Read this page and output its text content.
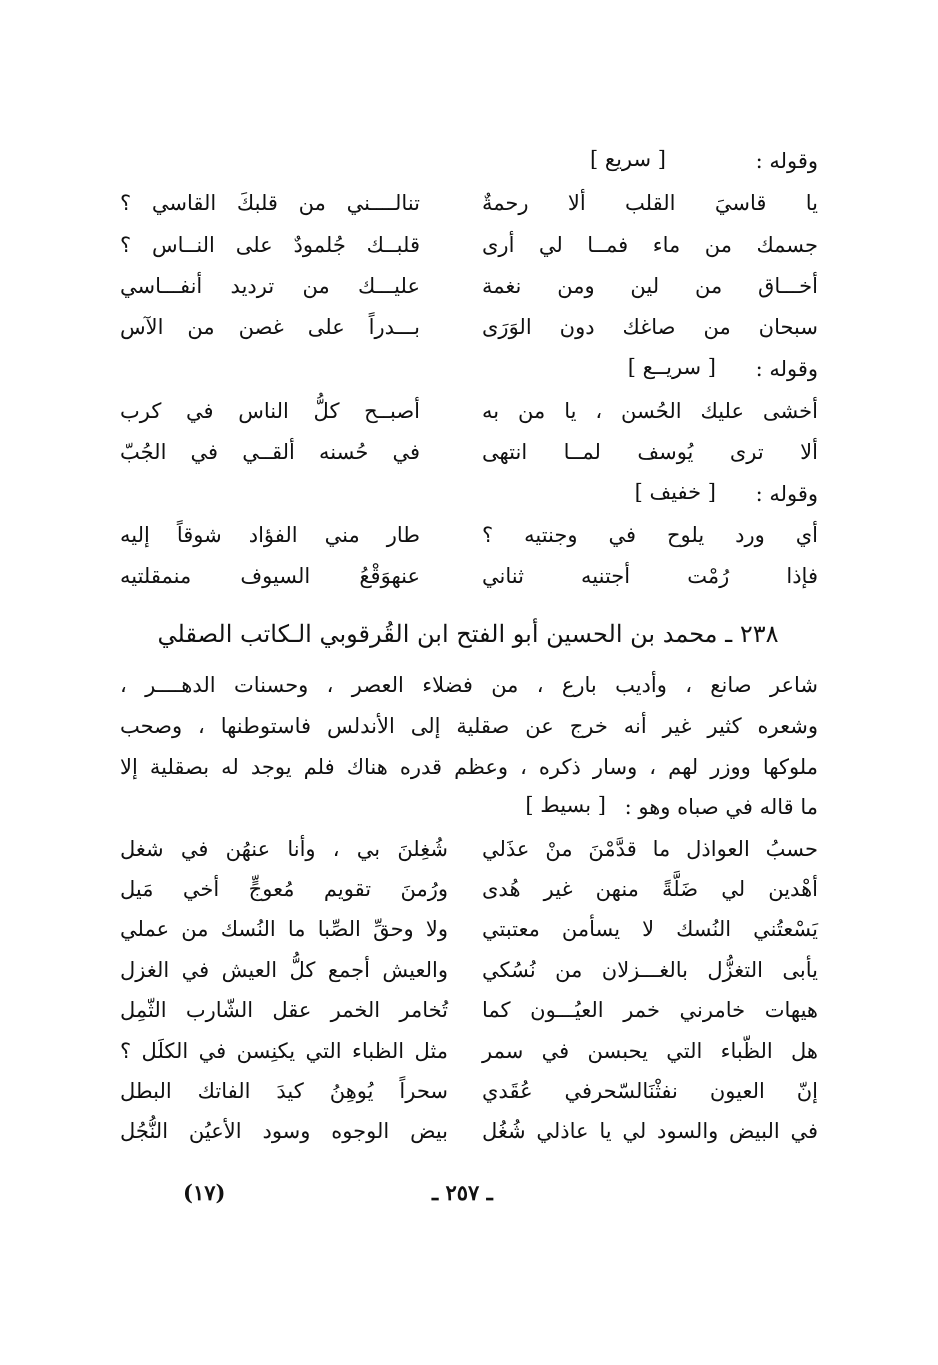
وقوله :
[ سريع ]
يا قاسيَ القلب ألا رحمةٌ
تنالــــني من قلبكَ القاسي ؟
جسمك من ماء فمــا لي أرى
قلبــك جُلمودٌ على النــاس ؟
أخـــاق من لين ومن نغمة
عليـــك من ترديد أنفـــاسي
سبحان من صاغك دون الوَرَى
بـــدراً على غصن من الآس
وقوله :
[ سريــع ]
أخشى عليك الحُسن ، يا من به
أصبــح كلُّ الناس في كرب
ألا ترى يُوسف لمــا انتهى
في حُسنه ألقــي في الجُبّ
وقوله :
[ خفيف ]
أي ورد يلوح في وجنتيه ؟
طار مني الفؤاد شوقاً إليه
فإذا رُمْت أجتنيه ثناني
عنهوَقْعُ السيوف منمقلتيه
٢٣٨ ـ محمد بن الحسين أبو الفتح ابن القُرقوبي الـكاتب الصقلي
شاعر صانع ، وأديب بارع ، من فضلاء العصر ، وحسنات الدهــــر ،
وشعره كثير غير أنه خرج عن صقلية إلى الأندلس فاستوطنها ، وصحب
ملوكها ووزر لهم ، وسار ذكره ، وعظم قدره هناك فلم يوجد له بصقلية إلا
ما قاله في صباه وهو :
[ بسيط ]
حسبُ العواذل ما قدَّمْنَ منْ عذَلي
شُغِلنَ بي ، وأنا عنهُن في شغل
أهْدين لي ضَلَّةً منهن غير هُدى
ورُمنَ تقويم مُعوجٍّ أخي مَيل
يَسْعتُني النُسك لا يسأمن معتبتي
ولا وحقِّ الصِّبا ما النُسك من عملي
يأبى التغزُّل بالغـــزلان من نُسُكي
والعيش أجمع كلُّ العيش في الغزل
هيهات خامرني خمر العيُـــون كما
تُخامر الخمر عقل الشّارب الثّمِل
هل الظّباء التي يحبسن في سمر
مثل الظباء التي يكنِسن في الكلَل ؟
إنّ العيون نفثْنَالسّحرفي عُقَدي
سحراً يُوهِنُ كيدَ الفاتك البطل
في البيض والسود لي يا عاذلي شُغُل
بيض الوجوه وسود الأعيُن النُّجُل
(١٧)	ـ ٢٥٧ ـ
